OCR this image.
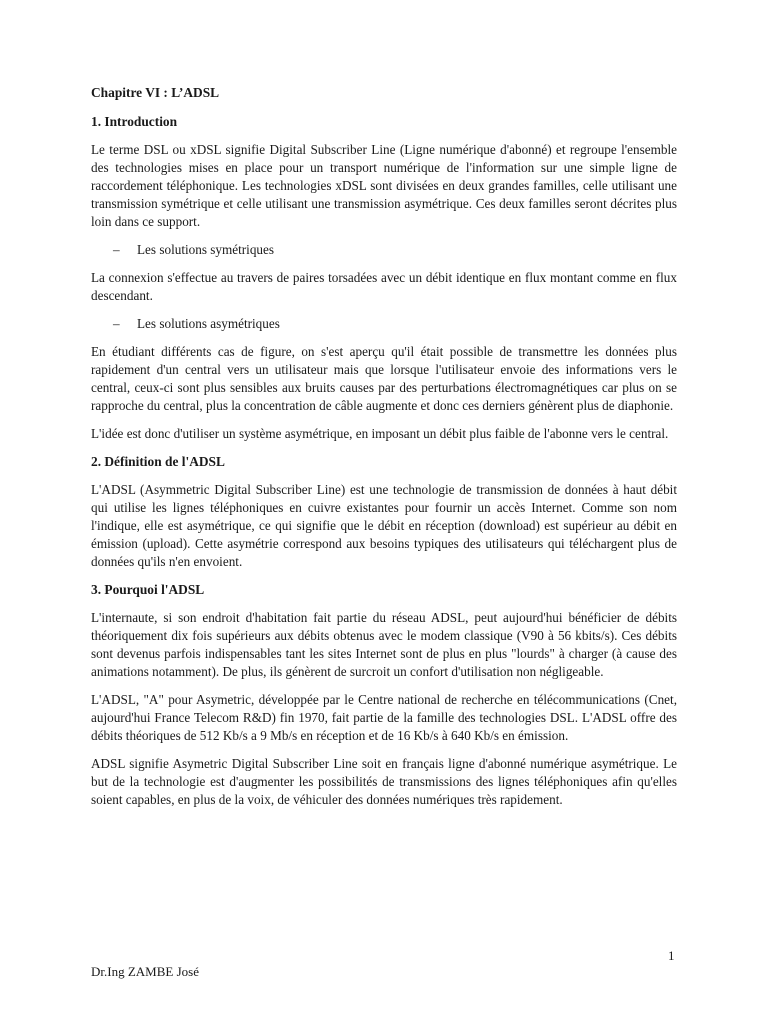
Chapitre VI : L’ADSL
1. Introduction

Le terme DSL ou xDSL signifie Digital Subscriber Line (Ligne numérique d'abonné) et regroupe l'ensemble des technologies mises en place pour un transport numérique de l'information sur une simple ligne de raccordement téléphonique. Les technologies xDSL sont divisées en deux grandes familles, celle utilisant une transmission symétrique et celle utilisant une transmission asymétrique. Ces deux familles seront décrites plus loin dans ce support.

–	Les solutions symétriques

La connexion s'effectue au travers de paires torsadées avec un débit identique en flux montant comme en flux descendant.

–	Les solutions asymétriques

En étudiant différents cas de figure, on s'est aperçu qu'il était possible de transmettre les données plus rapidement d'un central vers un utilisateur mais que lorsque l'utilisateur envoie des informations vers le central, ceux-ci sont plus sensibles aux bruits causes par des perturbations électromagnétiques car plus on se rapproche du central, plus la concentration de câble augmente et donc ces derniers génèrent plus de diaphonie.

L'idée est donc d'utiliser un système asymétrique, en imposant un débit plus faible de l'abonne vers le central.

2. Définition de l'ADSL

L'ADSL (Asymmetric Digital Subscriber Line) est une technologie de transmission de données à haut débit qui utilise les lignes téléphoniques en cuivre existantes pour fournir un accès Internet. Comme son nom l'indique, elle est asymétrique, ce qui signifie que le débit en réception (download) est supérieur au débit en émission (upload). Cette asymétrie correspond aux besoins typiques des utilisateurs qui téléchargent plus de données qu'ils n'en envoient.

3. Pourquoi l'ADSL

L'internaute, si son endroit d'habitation fait partie du réseau ADSL, peut aujourd'hui bénéficier de débits théoriquement dix fois supérieurs aux débits obtenus avec le modem classique (V90 à 56 kbits/s). Ces débits sont devenus parfois indispensables tant les sites Internet sont de plus en plus "lourds" à charger (à cause des animations notamment). De plus, ils génèrent de surcroit un confort d'utilisation non négligeable.

L'ADSL, "A" pour Asymetric, développée par le Centre national de recherche en télécommunications (Cnet, aujourd'hui France Telecom R&D) fin 1970, fait partie de la famille des technologies DSL. L'ADSL offre des débits théoriques de 512 Kb/s a 9 Mb/s en réception et de 16 Kb/s à 640 Kb/s en émission.

ADSL signifie Asymetric Digital Subscriber Line soit en français ligne d'abonné numérique asymétrique. Le but de la technologie est d'augmenter les possibilités de transmissions des lignes téléphoniques afin qu'elles soient capables, en plus de la voix, de véhiculer des données numériques très rapidement.

1
Dr.Ing ZAMBE José
